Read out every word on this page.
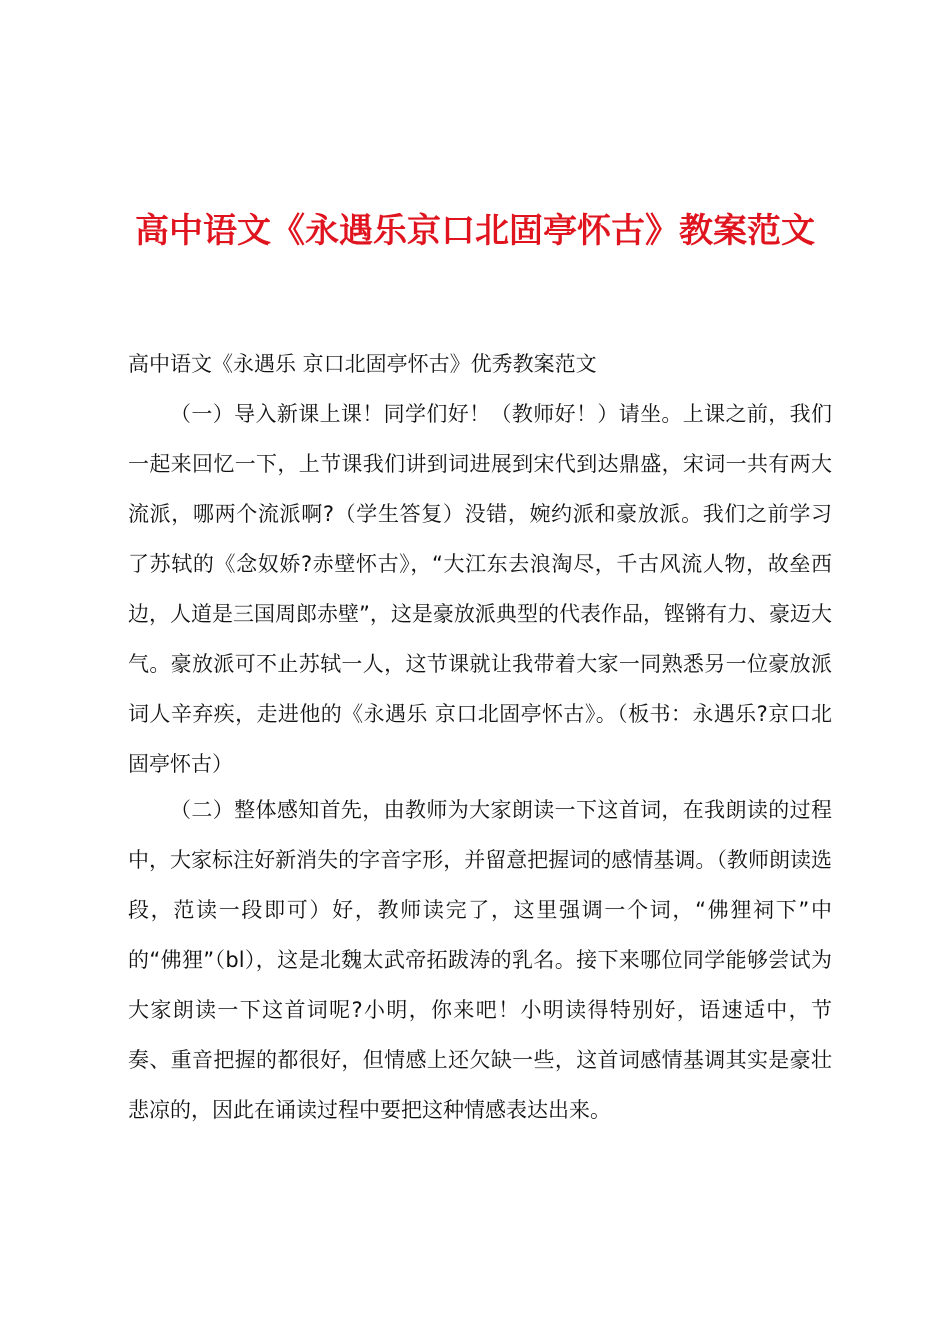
高中语文《永遇乐京口北固亭怀古》教案范文
高中语文《永遇乐 京口北固亭怀古》优秀教案范文

（一）导入新课上课！同学们好！（教师好！）请坐。上课之前，我们一起来回忆一下，上节课我们讲到词进展到宋代到达鼎盛，宋词一共有两大流派，哪两个流派啊?（学生答复）没错，婉约派和豪放派。我们之前学习了苏轼的《念奴娇?赤壁怀古》，“大江东去浪淘尽，千古风流人物，故垒西边，人道是三国周郎赤壁”，这是豪放派典型的代表作品，铿锵有力、豪迈大气。豪放派可不止苏轼一人，这节课就让我带着大家一同熟悉另一位豪放派词人辛弃疾，走进他的《永遇乐 京口北固亭怀古》。（板书：永遇乐?京口北固亭怀古）

（二）整体感知首先，由教师为大家朗读一下这首词，在我朗读的过程中，大家标注好新消失的字音字形，并留意把握词的感情基调。（教师朗读选段，范读一段即可）好，教师读完了，这里强调一个词，“佛狸祠下”中的“佛狸”（bl），这是北魏太武帝拓跋涛的乳名。接下来哪位同学能够尝试为大家朗读一下这首词呢?小明，你来吧！小明读得特别好，语速适中，节奏、重音把握的都很好，但情感上还欠缺一些，这首词感情基调其实是豪壮悲凉的，因此在诵读过程中要把这种情感表达出来。
